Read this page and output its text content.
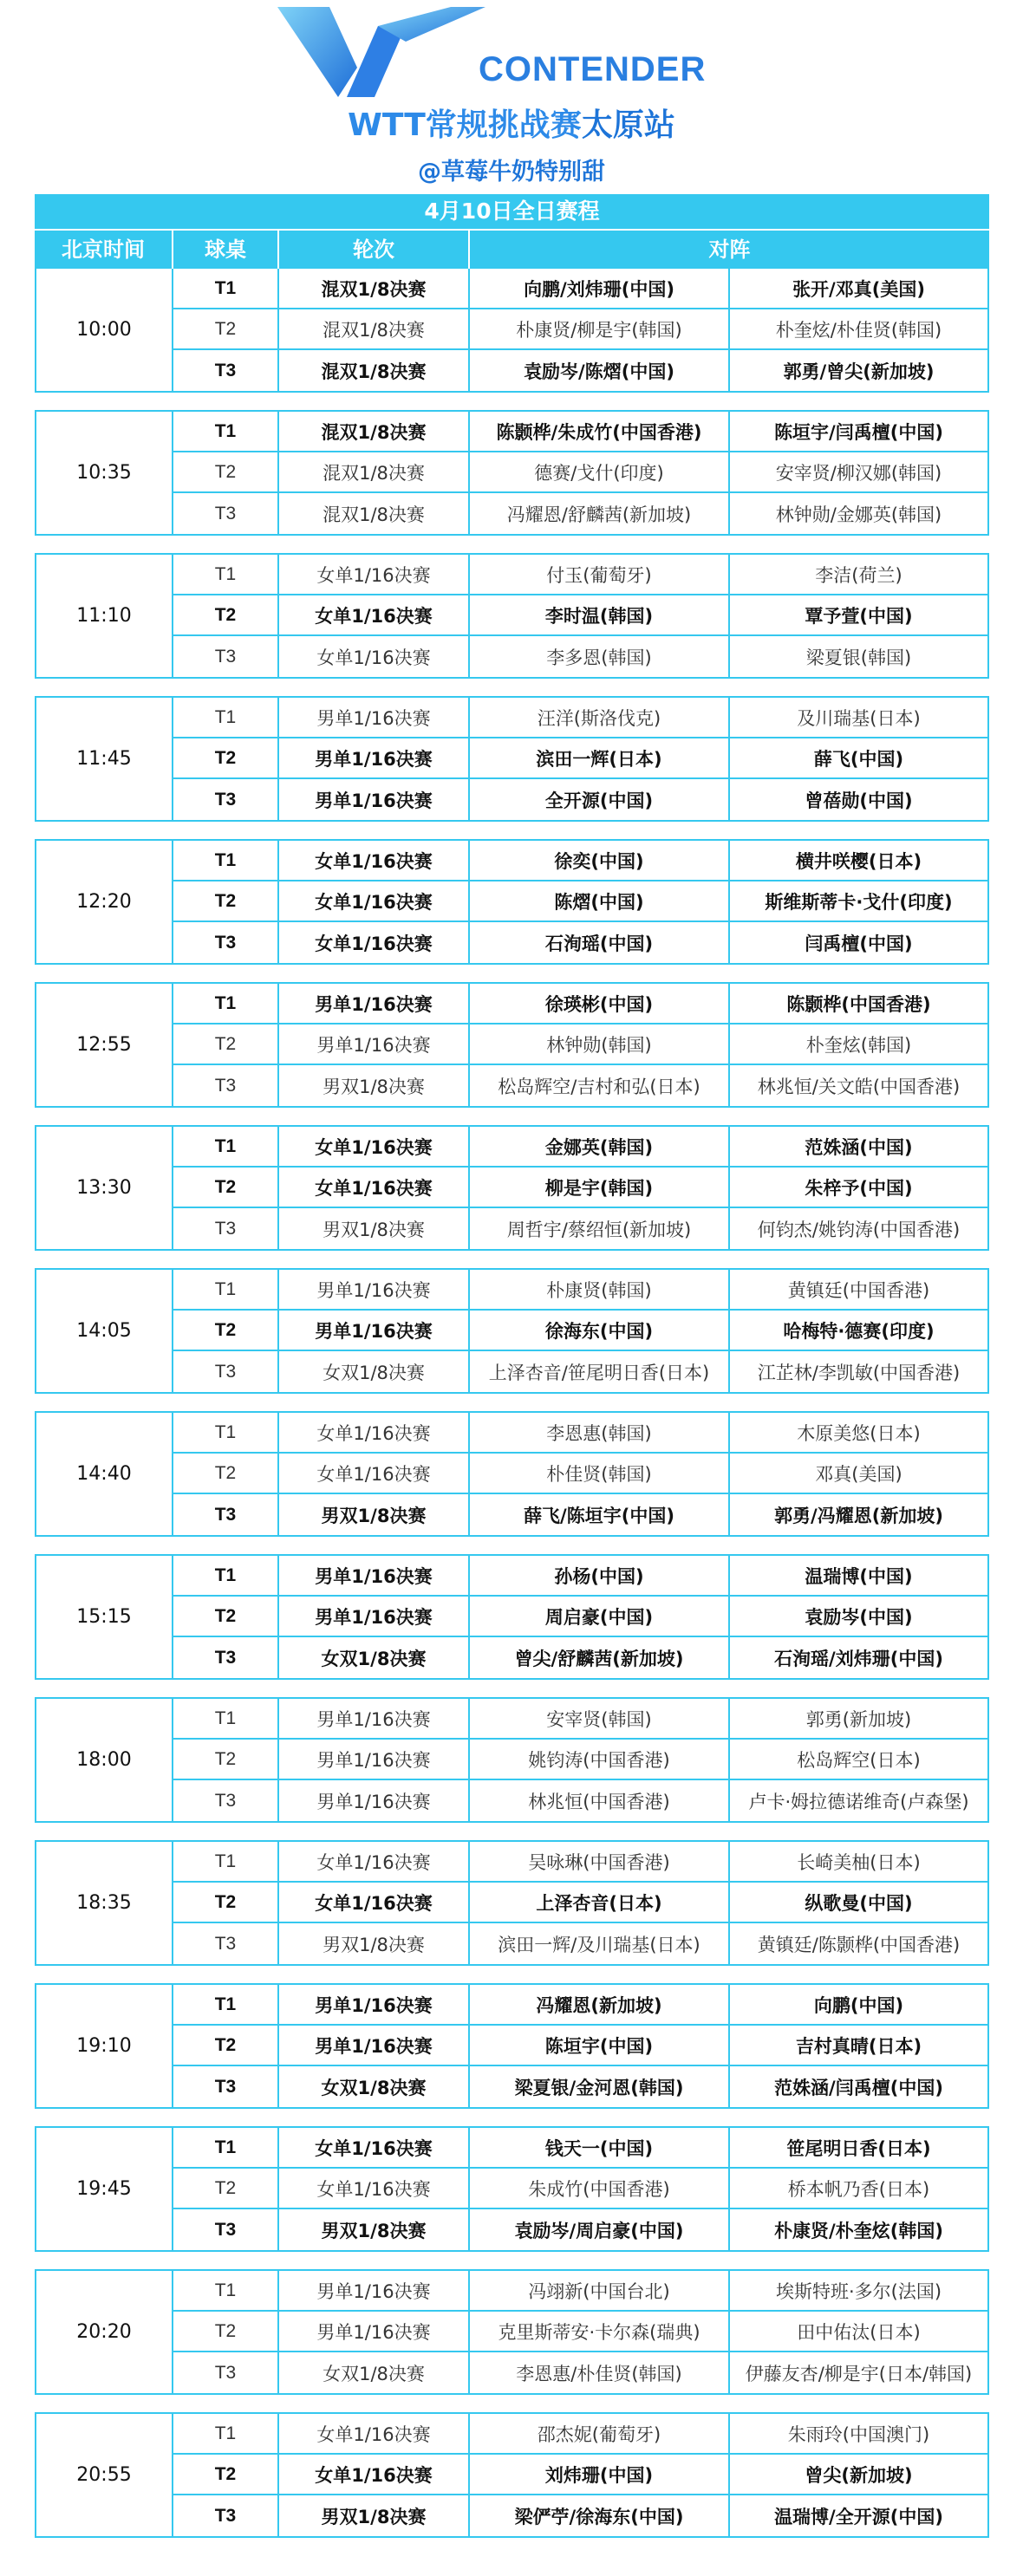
CONTENDER
WTT常规挑战赛太原站
@草莓牛奶特别甜
4月10日全日赛程
北京时间	球桌	轮次	对阵
10:00
T1	混双1/8决赛	向鹏/刘炜珊(中国)	张开/邓真(美国)
T2	混双1/8决赛	朴康贤/柳是宇(韩国)	朴奎炫/朴佳贤(韩国)
T3	混双1/8决赛	袁励岑/陈熠(中国)	郭勇/曾尖(新加坡)
10:35
T1	混双1/8决赛	陈颢桦/朱成竹(中国香港)	陈垣宇/闫禹檀(中国)
T2	混双1/8决赛	德赛/戈什(印度)	安宰贤/柳汉娜(韩国)
T3	混双1/8决赛	冯耀恩/舒麟茜(新加坡)	林钟勋/金娜英(韩国)
11:10
T1	女单1/16决赛	付玉(葡萄牙)	李洁(荷兰)
T2	女单1/16决赛	李时温(韩国)	覃予萱(中国)
T3	女单1/16决赛	李多恩(韩国)	梁夏银(韩国)
11:45
T1	男单1/16决赛	汪洋(斯洛伐克)	及川瑞基(日本)
T2	男单1/16决赛	滨田一辉(日本)	薛飞(中国)
T3	男单1/16决赛	全开源(中国)	曾蓓勋(中国)
12:20
T1	女单1/16决赛	徐奕(中国)	横井咲樱(日本)
T2	女单1/16决赛	陈熠(中国)	斯维斯蒂卡·戈什(印度)
T3	女单1/16决赛	石洵瑶(中国)	闫禹檀(中国)
12:55
T1	男单1/16决赛	徐瑛彬(中国)	陈颢桦(中国香港)
T2	男单1/16决赛	林钟勋(韩国)	朴奎炫(韩国)
T3	男双1/8决赛	松岛辉空/吉村和弘(日本)	林兆恒/关文皓(中国香港)
13:30
T1	女单1/16决赛	金娜英(韩国)	范姝涵(中国)
T2	女单1/16决赛	柳是宇(韩国)	朱梓予(中国)
T3	男双1/8决赛	周哲宇/蔡绍恒(新加坡)	何钧杰/姚钧涛(中国香港)
14:05
T1	男单1/16决赛	朴康贤(韩国)	黄镇廷(中国香港)
T2	男单1/16决赛	徐海东(中国)	哈梅特·德赛(印度)
T3	女双1/8决赛	上泽杏音/笹尾明日香(日本)	江芷林/李凯敏(中国香港)
14:40
T1	女单1/16决赛	李恩惠(韩国)	木原美悠(日本)
T2	女单1/16决赛	朴佳贤(韩国)	邓真(美国)
T3	男双1/8决赛	薛飞/陈垣宇(中国)	郭勇/冯耀恩(新加坡)
15:15
T1	男单1/16决赛	孙杨(中国)	温瑞博(中国)
T2	男单1/16决赛	周启豪(中国)	袁励岑(中国)
T3	女双1/8决赛	曾尖/舒麟茜(新加坡)	石洵瑶/刘炜珊(中国)
18:00
T1	男单1/16决赛	安宰贤(韩国)	郭勇(新加坡)
T2	男单1/16决赛	姚钧涛(中国香港)	松岛辉空(日本)
T3	男单1/16决赛	林兆恒(中国香港)	卢卡·姆拉德诺维奇(卢森堡)
18:35
T1	女单1/16决赛	吴咏琳(中国香港)	长崎美柚(日本)
T2	女单1/16决赛	上泽杏音(日本)	纵歌曼(中国)
T3	男双1/8决赛	滨田一辉/及川瑞基(日本)	黄镇廷/陈颢桦(中国香港)
19:10
T1	男单1/16决赛	冯耀恩(新加坡)	向鹏(中国)
T2	男单1/16决赛	陈垣宇(中国)	吉村真晴(日本)
T3	女双1/8决赛	梁夏银/金河恩(韩国)	范姝涵/闫禹檀(中国)
19:45
T1	女单1/16决赛	钱天一(中国)	笹尾明日香(日本)
T2	女单1/16决赛	朱成竹(中国香港)	桥本帆乃香(日本)
T3	男双1/8决赛	袁励岑/周启豪(中国)	朴康贤/朴奎炫(韩国)
20:20
T1	男单1/16决赛	冯翊新(中国台北)	埃斯特班·多尔(法国)
T2	男单1/16决赛	克里斯蒂安·卡尔森(瑞典)	田中佑汰(日本)
T3	女双1/8决赛	李恩惠/朴佳贤(韩国)	伊藤友杏/柳是宇(日本/韩国)
20:55
T1	女单1/16决赛	邵杰妮(葡萄牙)	朱雨玲(中国澳门)
T2	女单1/16决赛	刘炜珊(中国)	曾尖(新加坡)
T3	男双1/8决赛	梁俨苧/徐海东(中国)	温瑞博/全开源(中国)
